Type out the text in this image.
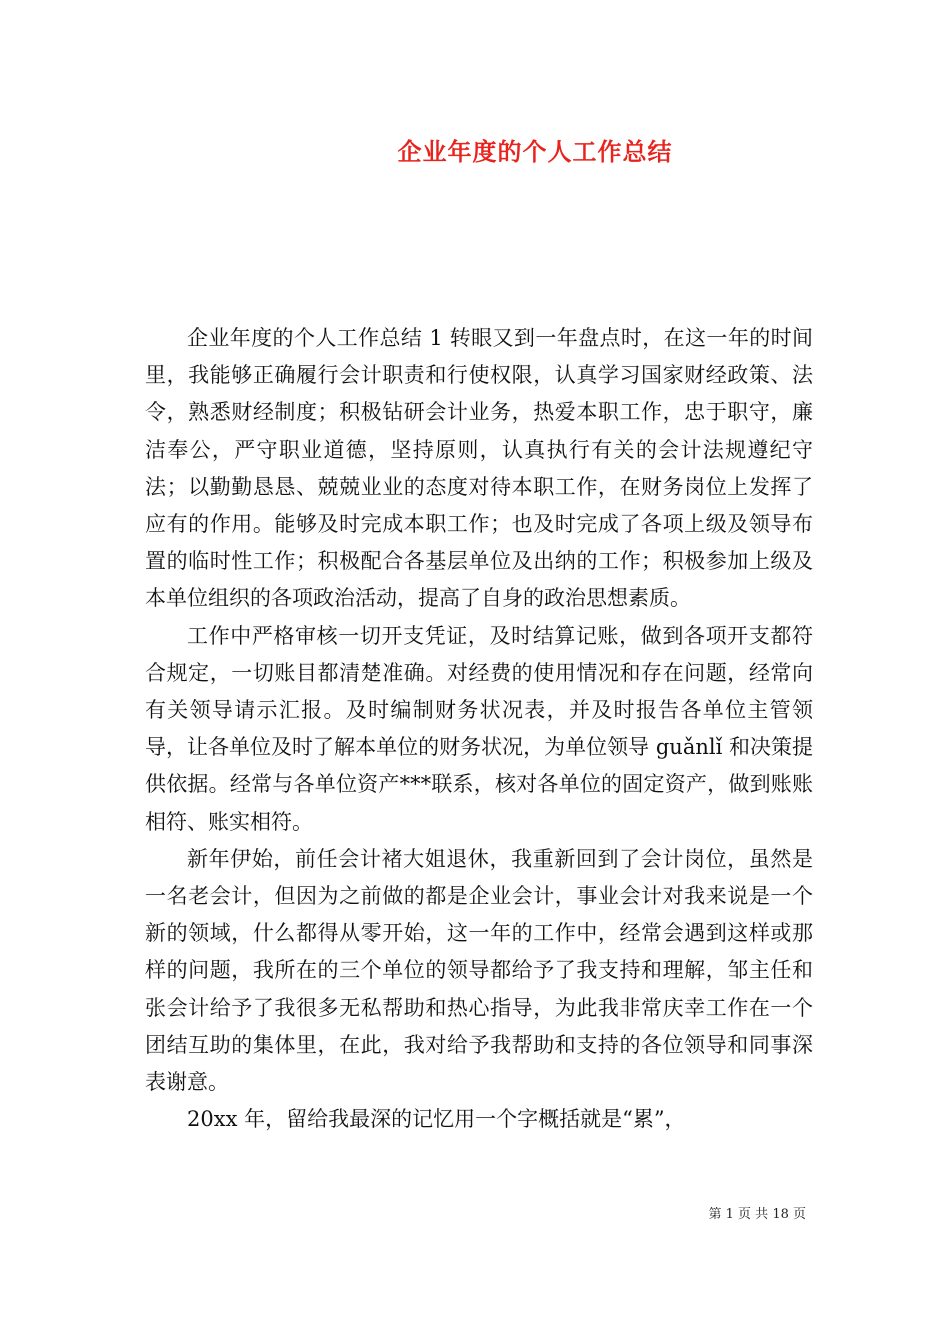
企业年度的个人工作总结

企业年度的个人工作总结 1 转眼又到一年盘点时，在这一年的时间里，我能够正确履行会计职责和行使权限，认真学习国家财经政策、法令，熟悉财经制度；积极钻研会计业务，热爱本职工作，忠于职守，廉洁奉公，严守职业道德，坚持原则，认真执行有关的会计法规遵纪守法；以勤勤恳恳、兢兢业业的态度对待本职工作，在财务岗位上发挥了应有的作用。能够及时完成本职工作；也及时完成了各项上级及领导布置的临时性工作；积极配合各基层单位及出纳的工作；积极参加上级及本单位组织的各项政治活动，提高了自身的政治思想素质。

工作中严格审核一切开支凭证，及时结算记账，做到各项开支都符合规定，一切账目都清楚准确。对经费的使用情况和存在问题，经常向有关领导请示汇报。及时编制财务状况表，并及时报告各单位主管领导，让各单位及时了解本单位的财务状况，为单位领导 guǎnlǐ 和决策提供依据。经常与各单位资产***联系，核对各单位的固定资产，做到账账相符、账实相符。

新年伊始，前任会计褚大姐退休，我重新回到了会计岗位，虽然是一名老会计，但因为之前做的都是企业会计，事业会计对我来说是一个新的领域，什么都得从零开始，这一年的工作中，经常会遇到这样或那样的问题，我所在的三个单位的领导都给予了我支持和理解，邹主任和张会计给予了我很多无私帮助和热心指导，为此我非常庆幸工作在一个团结互助的集体里，在此，我对给予我帮助和支持的各位领导和同事深表谢意。

20xx 年，留给我最深的记忆用一个字概括就是“累”，

第 1 页 共 18 页
